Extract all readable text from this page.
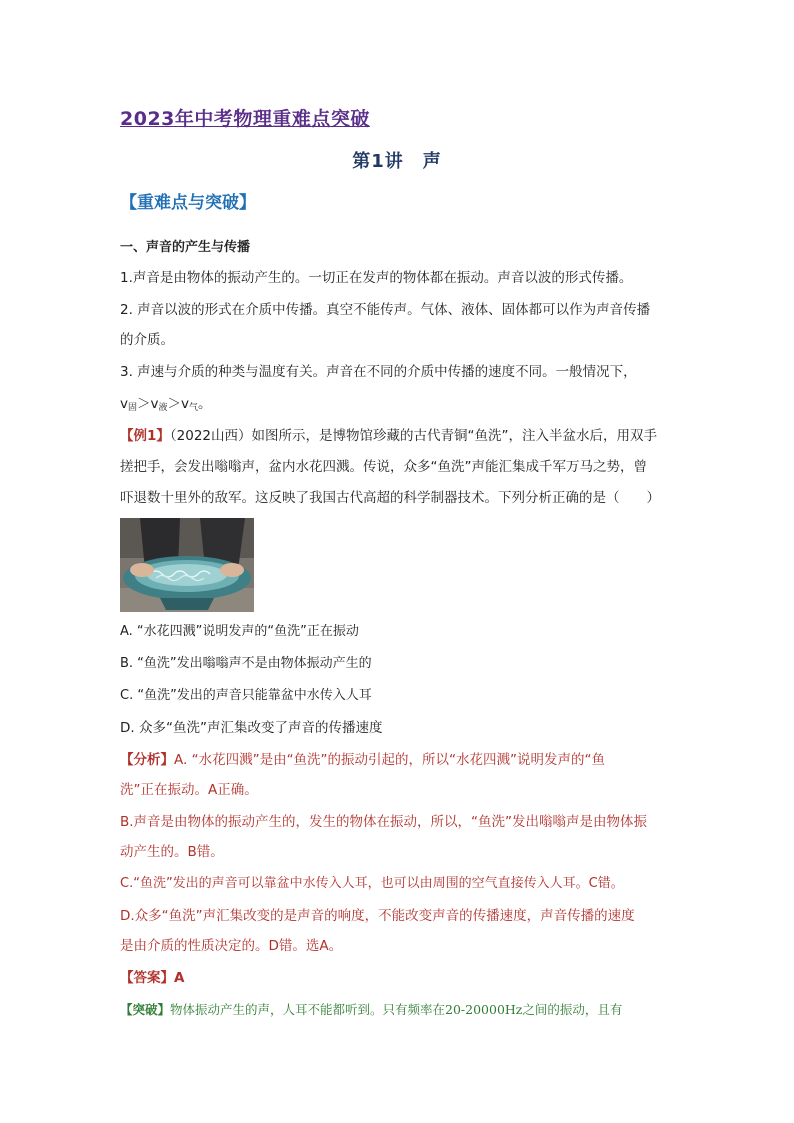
2023年中考物理重难点突破
第1讲　声
【重难点与突破】
一、声音的产生与传播
1.声音是由物体的振动产生的。一切正在发声的物体都在振动。声音以波的形式传播。
2. 声音以波的形式在介质中传播。真空不能传声。气体、液体、固体都可以作为声音传播
的介质。
3. 声速与介质的种类与温度有关。声音在不同的介质中传播的速度不同。一般情况下，
$v_固>v_液>v_气$。
【例1】（2022山西）如图所示，是博物馆珍藏的古代青铜“鱼洗”，注入半盆水后，用双手
搓把手，会发出嗡嗡声，盆内水花四溅。传说，众多“鱼洗”声能汇集成千军万马之势，曾
吓退数十里外的敌军。这反映了我国古代高超的科学制器技术。下列分析正确的是（　　）
A. “水花四溅”说明发声的“鱼洗”正在振动
B. “鱼洗”发出嗡嗡声不是由物体振动产生的
C. “鱼洗”发出的声音只能靠盆中水传入人耳
D. 众多“鱼洗”声汇集改变了声音的传播速度
【分析】A. “水花四溅”是由“鱼洗”的振动引起的，所以“水花四溅”说明发声的“鱼
洗”正在振动。A正确。
B.声音是由物体的振动产生的，发生的物体在振动，所以，“鱼洗”发出嗡嗡声是由物体振
动产生的。B错。
C.“鱼洗”发出的声音可以靠盆中水传入人耳，也可以由周围的空气直接传入人耳。C错。
D.众多“鱼洗”声汇集改变的是声音的响度，不能改变声音的传播速度，声音传播的速度
是由介质的性质决定的。D错。选A。
【答案】A
【突破】物体振动产生的声，人耳不能都听到。只有频率在20-20000Hz之间的振动，且有
